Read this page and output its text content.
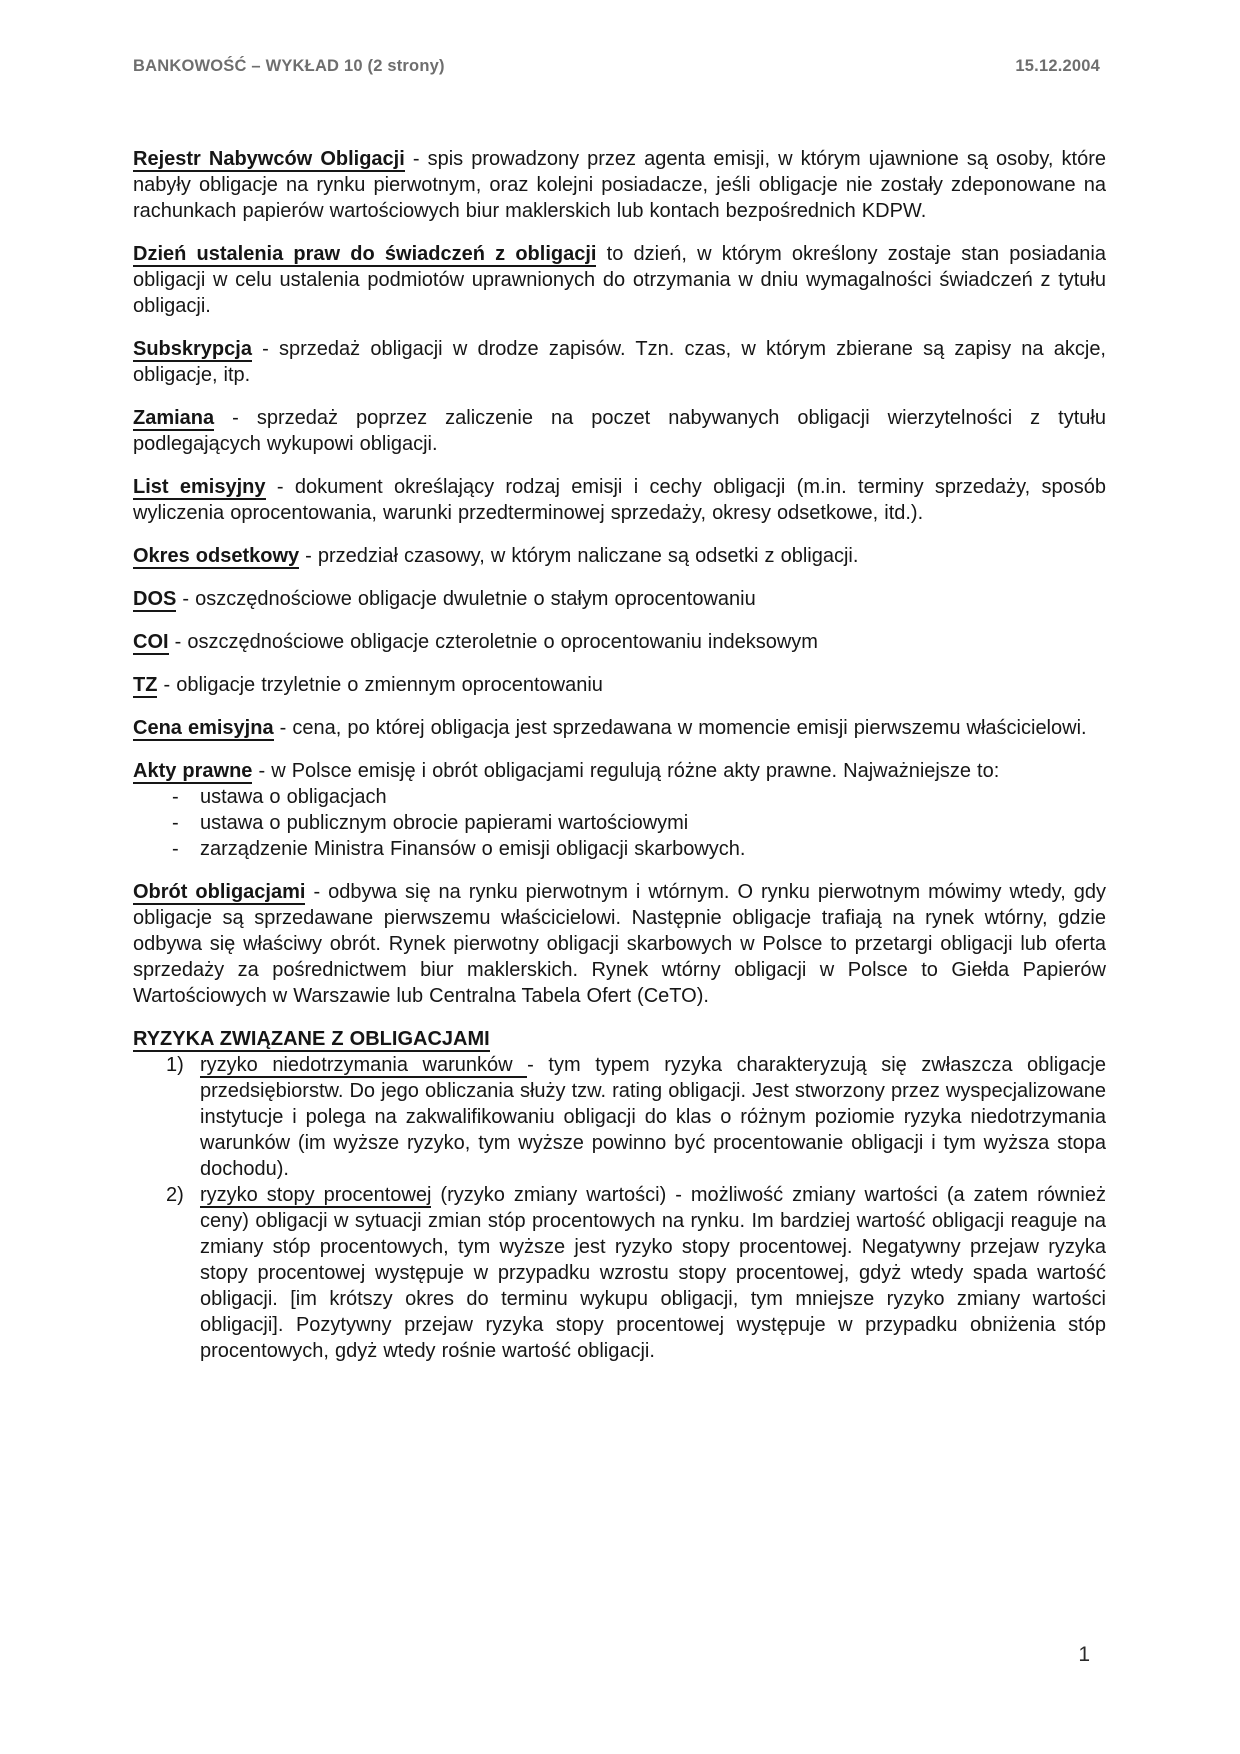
BANKOWOŚĆ – WYKŁAD 10 (2 strony)	15.12.2004
Rejestr Nabywców Obligacji - spis prowadzony przez agenta emisji, w którym ujawnione są osoby, które nabyły obligacje na rynku pierwotnym, oraz kolejni posiadacze, jeśli obligacje nie zostały zdeponowane na rachunkach papierów wartościowych biur maklerskich lub kontach bezpośrednich KDPW.
Dzień ustalenia praw do świadczeń z obligacji to dzień, w którym określony zostaje stan posiadania obligacji w celu ustalenia podmiotów uprawnionych do otrzymania w dniu wymagalności świadczeń z tytułu obligacji.
Subskrypcja - sprzedaż obligacji w drodze zapisów. Tzn. czas, w którym zbierane są zapisy na akcje, obligacje, itp.
Zamiana - sprzedaż poprzez zaliczenie na poczet nabywanych obligacji wierzytelności z tytułu podlegających wykupowi obligacji.
List emisyjny - dokument określający rodzaj emisji i cechy obligacji (m.in. terminy sprzedaży, sposób wyliczenia oprocentowania, warunki przedterminowej sprzedaży, okresy odsetkowe, itd.).
Okres odsetkowy - przedział czasowy, w którym naliczane są odsetki z obligacji.
DOS - oszczędnościowe obligacje dwuletnie o stałym oprocentowaniu
COI - oszczędnościowe obligacje czteroletnie o oprocentowaniu indeksowym
TZ - obligacje trzyletnie o zmiennym oprocentowaniu
Cena emisyjna - cena, po której obligacja jest sprzedawana w momencie emisji pierwszemu właścicielowi.
Akty prawne - w Polsce emisję i obrót obligacjami regulują różne akty prawne. Najważniejsze to:
- ustawa o obligacjach
- ustawa o publicznym obrocie papierami wartościowymi
- zarządzenie Ministra Finansów o emisji obligacji skarbowych.
Obrót obligacjami - odbywa się na rynku pierwotnym i wtórnym. O rynku pierwotnym mówimy wtedy, gdy obligacje są sprzedawane pierwszemu właścicielowi. Następnie obligacje trafiają na rynek wtórny, gdzie odbywa się właściwy obrót. Rynek pierwotny obligacji skarbowych w Polsce to przetargi obligacji lub oferta sprzedaży za pośrednictwem biur maklerskich. Rynek wtórny obligacji w Polsce to Giełda Papierów Wartościowych w Warszawie lub Centralna Tabela Ofert (CeTO).
RYZYKA ZWIĄZANE Z OBLIGACJAMI
1) ryzyko niedotrzymania warunków - tym typem ryzyka charakteryzują się zwłaszcza obligacje przedsiębiorstw. Do jego obliczania służy tzw. rating obligacji. Jest stworzony przez wyspecjalizowane instytucje i polega na zakwalifikowaniu obligacji do klas o różnym poziomie ryzyka niedotrzymania warunków (im wyższe ryzyko, tym wyższe powinno być procentowanie obligacji i tym wyższa stopa dochodu).
2) ryzyko stopy procentowej (ryzyko zmiany wartości) - możliwość zmiany wartości (a zatem również ceny) obligacji w sytuacji zmian stóp procentowych na rynku. Im bardziej wartość obligacji reaguje na zmiany stóp procentowych, tym wyższe jest ryzyko stopy procentowej. Negatywny przejaw ryzyka stopy procentowej występuje w przypadku wzrostu stopy procentowej, gdyż wtedy spada wartość obligacji. [im krótszy okres do terminu wykupu obligacji, tym mniejsze ryzyko zmiany wartości obligacji]. Pozytywny przejaw ryzyka stopy procentowej występuje w przypadku obniżenia stóp procentowych, gdyż wtedy rośnie wartość obligacji.
1
